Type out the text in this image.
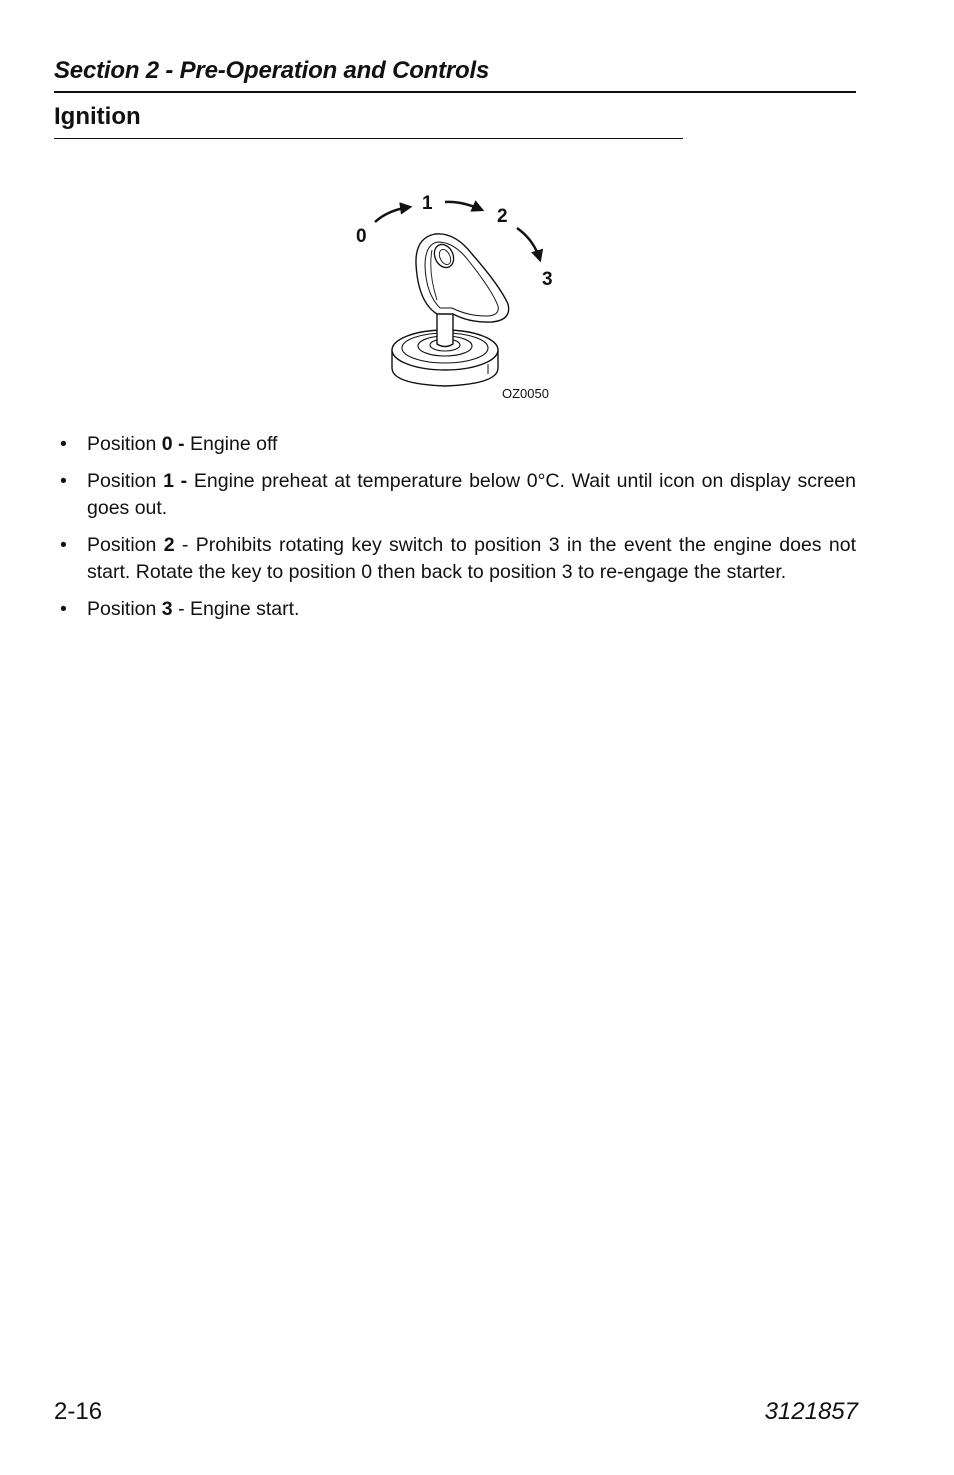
Section 2 - Pre-Operation and Controls
Ignition
0
1
2
3
OZ0050
• Position 0 - Engine off
• Position 1 - Engine preheat at temperature below 0°C. Wait until icon on display screen goes out.
• Position 2 - Prohibits rotating key switch to position 3 in the event the engine does not start. Rotate the key to position 0 then back to position 3 to re-engage the starter.
• Position 3 - Engine start.
2-16	3121857
